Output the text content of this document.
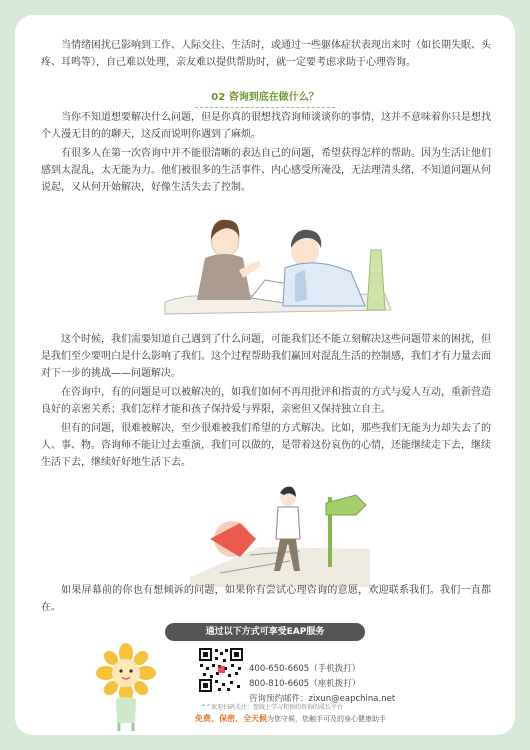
当情绪困扰已影响到工作、人际交往、生活时，或通过一些躯体症状表现出来时（如长期失眠、头疼、耳鸣等），自己难以处理，亲友难以提供帮助时，就一定要考虑求助于心理咨询。

02 咨询到底在做什么？

当你不知道想要解决什么问题，但是你真的很想找咨询师谈谈你的事情，这并不意味着你只是想找个人漫无目的的聊天，这反而说明你遇到了麻烦。

有很多人在第一次咨询中并不能很清晰的表达自己的问题，希望获得怎样的帮助。因为生活让他们感到太混乱，太无能为力。他们被很多的生活事件、内心感受所淹没，无法理清头绪，不知道问题从何说起，又从何开始解决，好像生活失去了控制。

这个时候，我们需要知道自己遇到了什么问题，可能我们还不能立刻解决这些问题带来的困扰，但是我们至少要明白是什么影响了我们。这个过程帮助我们赢回对混乱生活的控制感，我们才有力量去面对下一步的挑战——问题解决。

在咨询中，有的问题是可以被解决的，如我们如何不再用批评和指责的方式与爱人互动，重新营造良好的亲密关系；我们怎样才能和孩子保持爱与界限，亲密但又保持独立自主。

但有的问题，很难被解决，至少很难被我们希望的方式解决。比如，那些我们无能为力却失去了的人、事、物。咨询师不能让过去重演，我们可以做的，是带着这份哀伤的心情，还能继续走下去，继续生活下去，继续好好地生活下去。

如果屏幕前的你也有想倾诉的问题，如果你有尝试心理咨询的意愿，欢迎联系我们。我们一直都在。

通过以下方式可享受EAP服务
400-650-6605（手机拨打）
800-810-6605（座机拨打）
咨询预约邮件：zixun@eapchina.net
^^欢迎扫码关注：您线上学习和预约咨询的成长平台
免费、保密、全天候为您守候，您触手可及的身心健康助手
